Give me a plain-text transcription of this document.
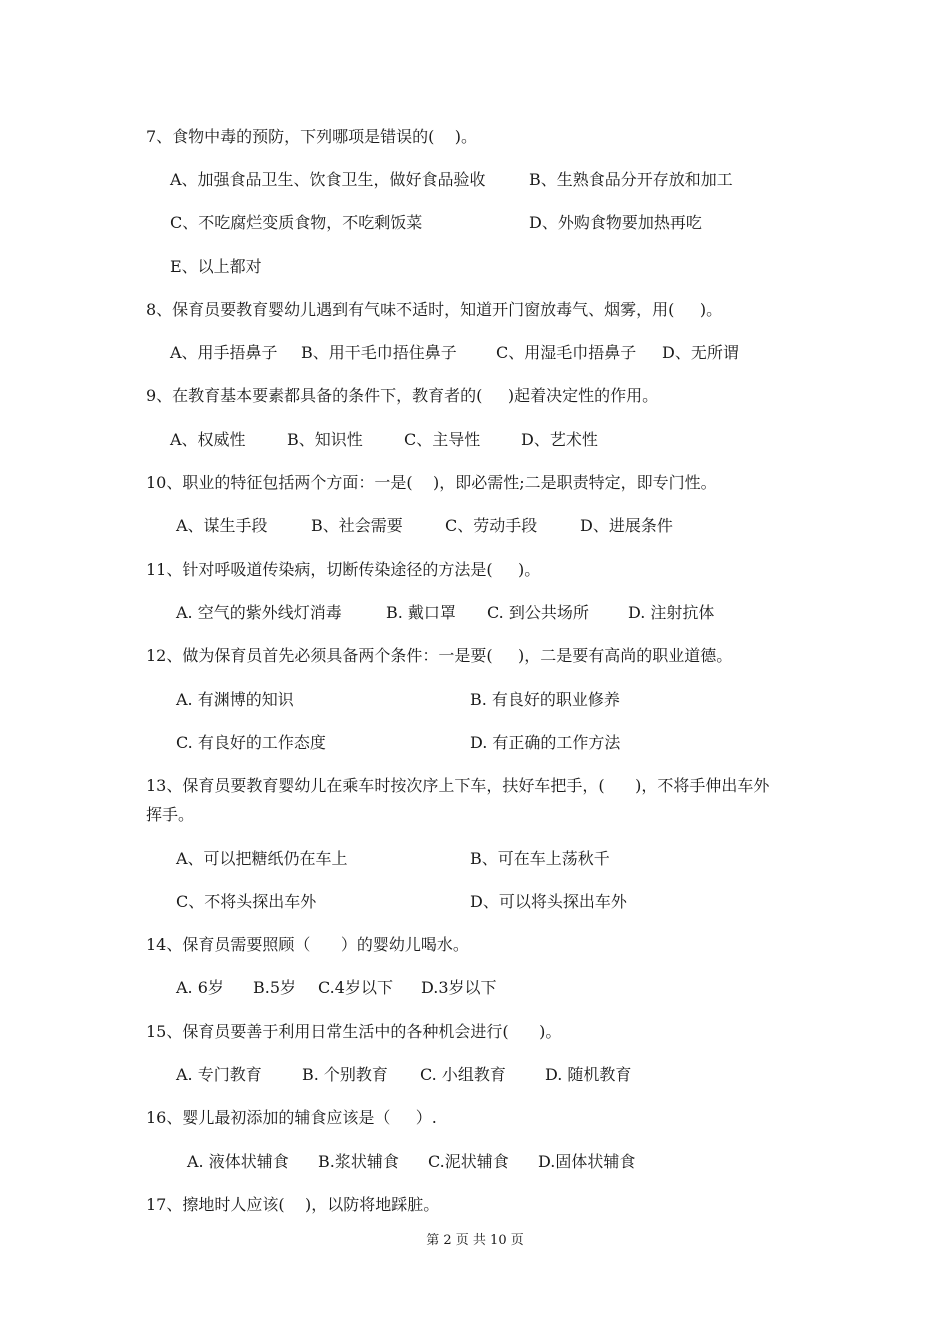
7、食物中毒的预防，下列哪项是错误的(    )。
A、加强食品卫生、饮食卫生，做好食品验收	B、生熟食品分开存放和加工
C、不吃腐烂变质食物，不吃剩饭菜	D、外购食物要加热再吃
E、以上都对
8、保育员要教育婴幼儿遇到有气味不适时，知道开门窗放毒气、烟雾，用(     )。
A、用手捂鼻子 B、用干毛巾捂住鼻子 C、用湿毛巾捂鼻子 D、无所谓
9、在教育基本要素都具备的条件下，教育者的(     )起着决定性的作用。
A、权威性	B、知识性	C、主导性	D、艺术性
10、职业的特征包括两个方面：一是(    )，即必需性;二是职责特定，即专门性。
A、谋生手段	B、社会需要	C、劳动手段	D、进展条件
11、针对呼吸道传染病，切断传染途径的方法是(     )。
A. 空气的紫外线灯消毒	B. 戴口罩 C. 到公共场所 D. 注射抗体
12、做为保育员首先必须具备两个条件：一是要(     )，二是要有高尚的职业道德。
A. 有渊博的知识	B. 有良好的职业修养
C. 有良好的工作态度	D. 有正确的工作方法
13、保育员要教育婴幼儿在乘车时按次序上下车，扶好车把手，(      )，不将手伸出车外
挥手。
A、可以把糖纸仍在车上	B、可在车上荡秋千
C、不将头探出车外	D、可以将头探出车外
14、保育员需要照顾（      ）的婴幼儿喝水。
A. 6岁 B.5岁 C.4岁以下 D.3岁以下
15、保育员要善于利用日常生活中的各种机会进行(      )。
A. 专门教育	B. 个别教育 C. 小组教育 D. 随机教育
16、婴儿最初添加的辅食应该是（     ）.
A. 液体状辅食 B.浆状辅食 C.泥状辅食 D.固体状辅食
17、擦地时人应该(    )，以防将地踩脏。
第 2 页 共 10 页
